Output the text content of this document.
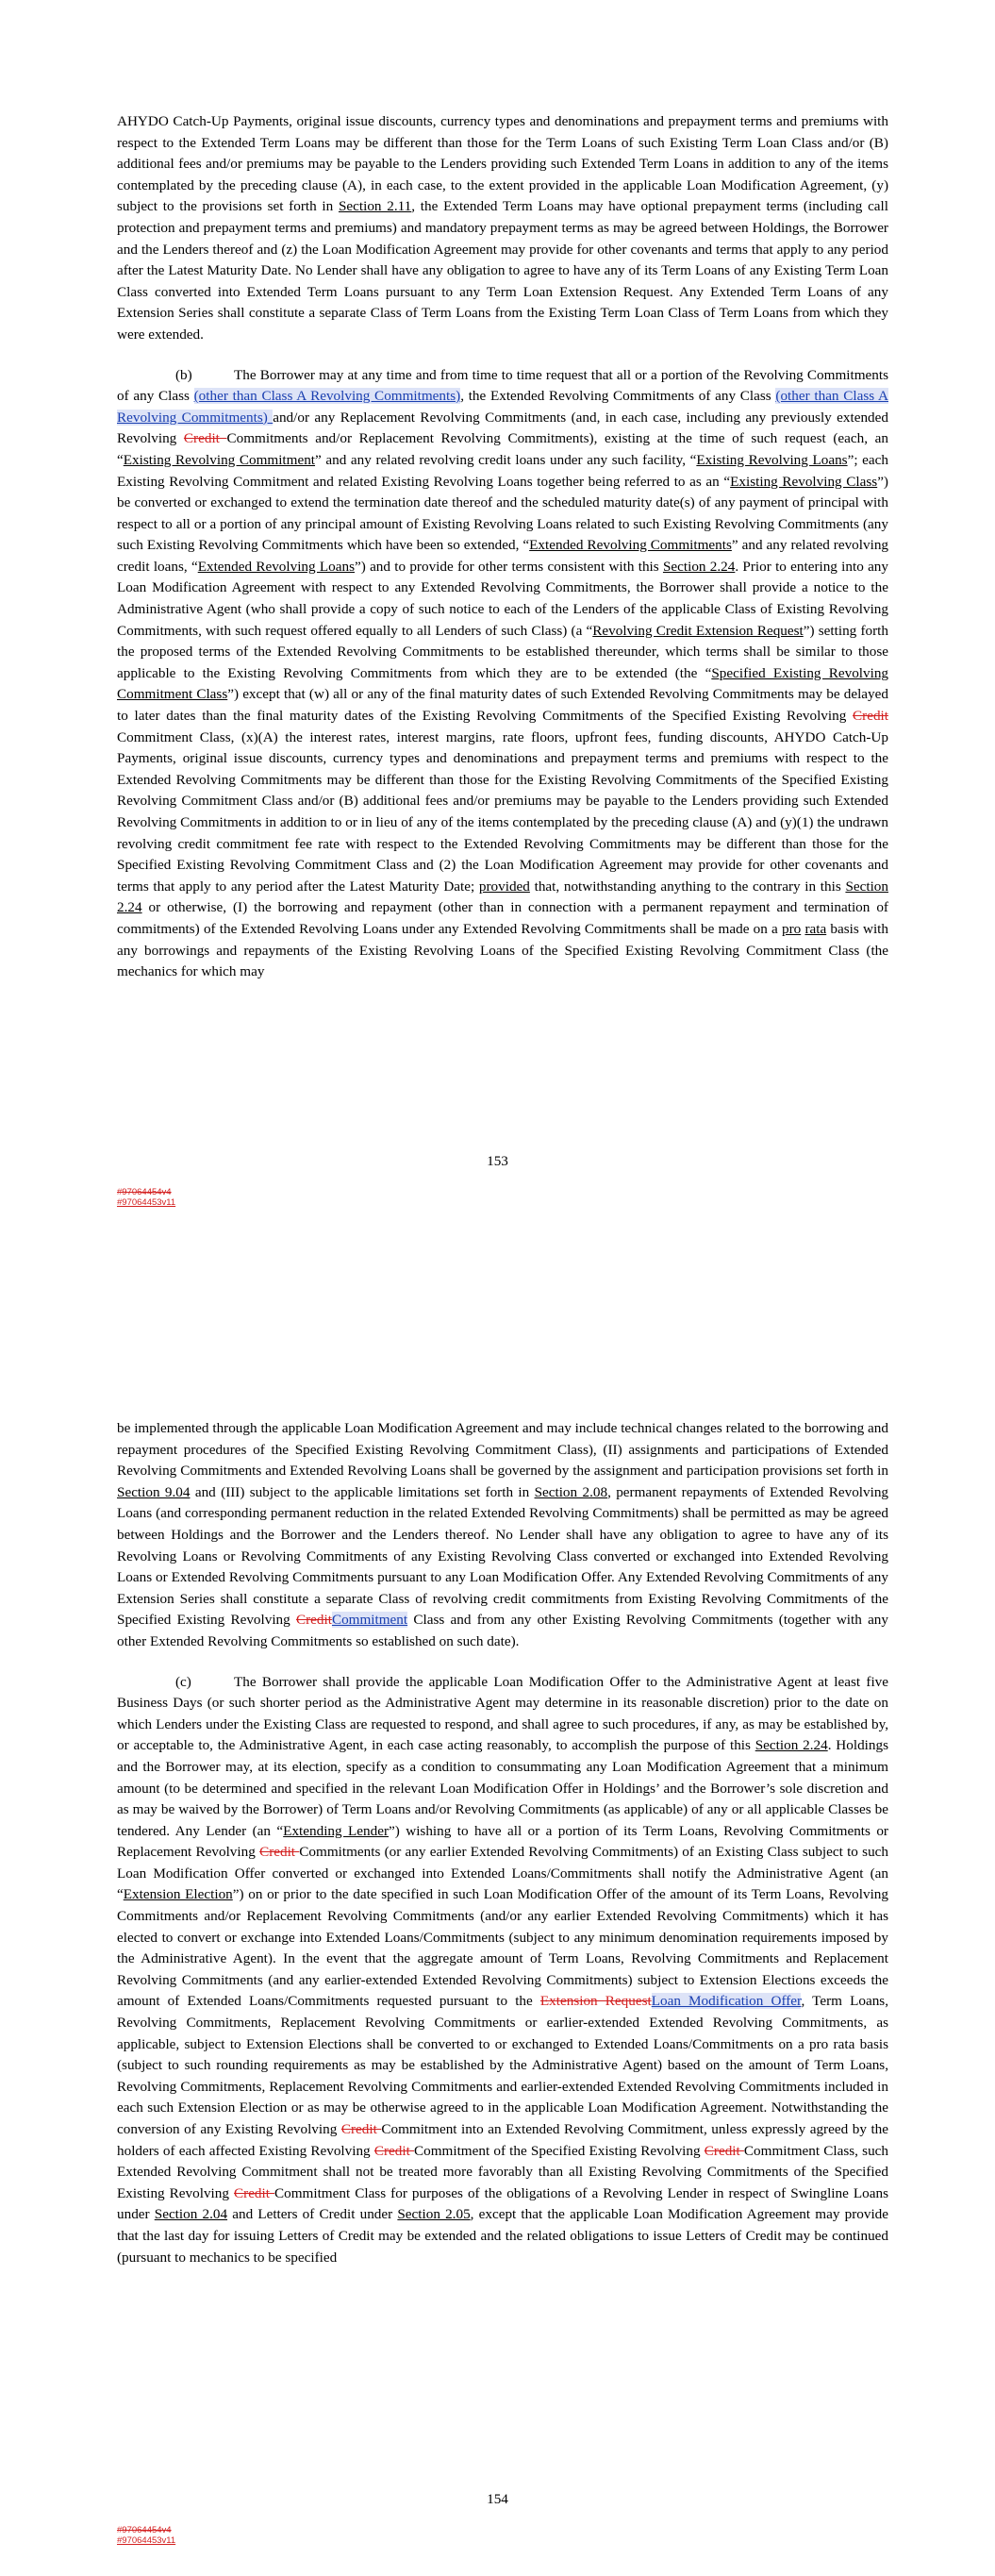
AHYDO Catch-Up Payments, original issue discounts, currency types and denominations and prepayment terms and premiums with respect to the Extended Term Loans may be different than those for the Term Loans of such Existing Term Loan Class and/or (B) additional fees and/or premiums may be payable to the Lenders providing such Extended Term Loans in addition to any of the items contemplated by the preceding clause (A), in each case, to the extent provided in the applicable Loan Modification Agreement, (y) subject to the provisions set forth in Section 2.11, the Extended Term Loans may have optional prepayment terms (including call protection and prepayment terms and premiums) and mandatory prepayment terms as may be agreed between Holdings, the Borrower and the Lenders thereof and (z) the Loan Modification Agreement may provide for other covenants and terms that apply to any period after the Latest Maturity Date. No Lender shall have any obligation to agree to have any of its Term Loans of any Existing Term Loan Class converted into Extended Term Loans pursuant to any Term Loan Extension Request. Any Extended Term Loans of any Extension Series shall constitute a separate Class of Term Loans from the Existing Term Loan Class of Term Loans from which they were extended.

(b)	The Borrower may at any time and from time to time request that all or a portion of the Revolving Commitments of any Class (other than Class A Revolving Commitments), the Extended Revolving Commitments of any Class (other than Class A Revolving Commitments) and/or any Replacement Revolving Commitments (and, in each case, including any previously extended Revolving Credit Commitments and/or Replacement Revolving Commitments), existing at the time of such request (each, an “Existing Revolving Commitment” and any related revolving credit loans under any such facility, “Existing Revolving Loans”; each Existing Revolving Commitment and related Existing Revolving Loans together being referred to as an “Existing Revolving Class”) be converted or exchanged to extend the termination date thereof and the scheduled maturity date(s) of any payment of principal with respect to all or a portion of any principal amount of Existing Revolving Loans related to such Existing Revolving Commitments (any such Existing Revolving Commitments which have been so extended, “Extended Revolving Commitments” and any related revolving credit loans, “Extended Revolving Loans”) and to provide for other terms consistent with this Section 2.24. Prior to entering into any Loan Modification Agreement with respect to any Extended Revolving Commitments, the Borrower shall provide a notice to the Administrative Agent (who shall provide a copy of such notice to each of the Lenders of the applicable Class of Existing Revolving Commitments, with such request offered equally to all Lenders of such Class) (a “Revolving Credit Extension Request”) setting forth the proposed terms of the Extended Revolving Commitments to be established thereunder, which terms shall be similar to those applicable to the Existing Revolving Commitments from which they are to be extended (the “Specified Existing Revolving Commitment Class”) except that (w) all or any of the final maturity dates of such Extended Revolving Commitments may be delayed to later dates than the final maturity dates of the Existing Revolving Commitments of the Specified Existing Revolving Credit Commitment Class, (x)(A) the interest rates, interest margins, rate floors, upfront fees, funding discounts, AHYDO Catch-Up Payments, original issue discounts, currency types and denominations and prepayment terms and premiums with respect to the Extended Revolving Commitments may be different than those for the Existing Revolving Commitments of the Specified Existing Revolving Commitment Class and/or (B) additional fees and/or premiums may be payable to the Lenders providing such Extended Revolving Commitments in addition to or in lieu of any of the items contemplated by the preceding clause (A) and (y)(1) the undrawn revolving credit commitment fee rate with respect to the Extended Revolving Commitments may be different than those for the Specified Existing Revolving Commitment Class and (2) the Loan Modification Agreement may provide for other covenants and terms that apply to any period after the Latest Maturity Date; provided that, notwithstanding anything to the contrary in this Section 2.24 or otherwise, (I) the borrowing and repayment (other than in connection with a permanent repayment and termination of commitments) of the Extended Revolving Loans under any Extended Revolving Commitments shall be made on a pro rata basis with any borrowings and repayments of the Existing Revolving Loans of the Specified Existing Revolving Commitment Class (the mechanics for which may

153
#97064454v4
#97064453v11

be implemented through the applicable Loan Modification Agreement and may include technical changes related to the borrowing and repayment procedures of the Specified Existing Revolving Commitment Class), (II) assignments and participations of Extended Revolving Commitments and Extended Revolving Loans shall be governed by the assignment and participation provisions set forth in Section 9.04 and (III) subject to the applicable limitations set forth in Section 2.08, permanent repayments of Extended Revolving Loans (and corresponding permanent reduction in the related Extended Revolving Commitments) shall be permitted as may be agreed between Holdings and the Borrower and the Lenders thereof. No Lender shall have any obligation to agree to have any of its Revolving Loans or Revolving Commitments of any Existing Revolving Class converted or exchanged into Extended Revolving Loans or Extended Revolving Commitments pursuant to any Loan Modification Offer. Any Extended Revolving Commitments of any Extension Series shall constitute a separate Class of revolving credit commitments from Existing Revolving Commitments of the Specified Existing Revolving CreditCommitment Class and from any other Existing Revolving Commitments (together with any other Extended Revolving Commitments so established on such date).

(c)	The Borrower shall provide the applicable Loan Modification Offer to the Administrative Agent at least five Business Days (or such shorter period as the Administrative Agent may determine in its reasonable discretion) prior to the date on which Lenders under the Existing Class are requested to respond, and shall agree to such procedures, if any, as may be established by, or acceptable to, the Administrative Agent, in each case acting reasonably, to accomplish the purpose of this Section 2.24. Holdings and the Borrower may, at its election, specify as a condition to consummating any Loan Modification Agreement that a minimum amount (to be determined and specified in the relevant Loan Modification Offer in Holdings’ and the Borrower’s sole discretion and as may be waived by the Borrower) of Term Loans and/or Revolving Commitments (as applicable) of any or all applicable Classes be tendered. Any Lender (an “Extending Lender”) wishing to have all or a portion of its Term Loans, Revolving Commitments or Replacement Revolving Credit Commitments (or any earlier Extended Revolving Commitments) of an Existing Class subject to such Loan Modification Offer converted or exchanged into Extended Loans/Commitments shall notify the Administrative Agent (an “Extension Election”) on or prior to the date specified in such Loan Modification Offer of the amount of its Term Loans, Revolving Commitments and/or Replacement Revolving Commitments (and/or any earlier Extended Revolving Commitments) which it has elected to convert or exchange into Extended Loans/Commitments (subject to any minimum denomination requirements imposed by the Administrative Agent). In the event that the aggregate amount of Term Loans, Revolving Commitments and Replacement Revolving Commitments (and any earlier-extended Extended Revolving Commitments) subject to Extension Elections exceeds the amount of Extended Loans/Commitments requested pursuant to the Extension RequestLoan Modification Offer, Term Loans, Revolving Commitments, Replacement Revolving Commitments or earlier-extended Extended Revolving Commitments, as applicable, subject to Extension Elections shall be converted to or exchanged to Extended Loans/Commitments on a pro rata basis (subject to such rounding requirements as may be established by the Administrative Agent) based on the amount of Term Loans, Revolving Commitments, Replacement Revolving Commitments and earlier-extended Extended Revolving Commitments included in each such Extension Election or as may be otherwise agreed to in the applicable Loan Modification Agreement. Notwithstanding the conversion of any Existing Revolving Credit Commitment into an Extended Revolving Commitment, unless expressly agreed by the holders of each affected Existing Revolving Credit Commitment of the Specified Existing Revolving Credit Commitment Class, such Extended Revolving Commitment shall not be treated more favorably than all Existing Revolving Commitments of the Specified Existing Revolving Credit Commitment Class for purposes of the obligations of a Revolving Lender in respect of Swingline Loans under Section 2.04 and Letters of Credit under Section 2.05, except that the applicable Loan Modification Agreement may provide that the last day for issuing Letters of Credit may be extended and the related obligations to issue Letters of Credit may be continued (pursuant to mechanics to be specified

154
#97064454v4
#97064453v11
